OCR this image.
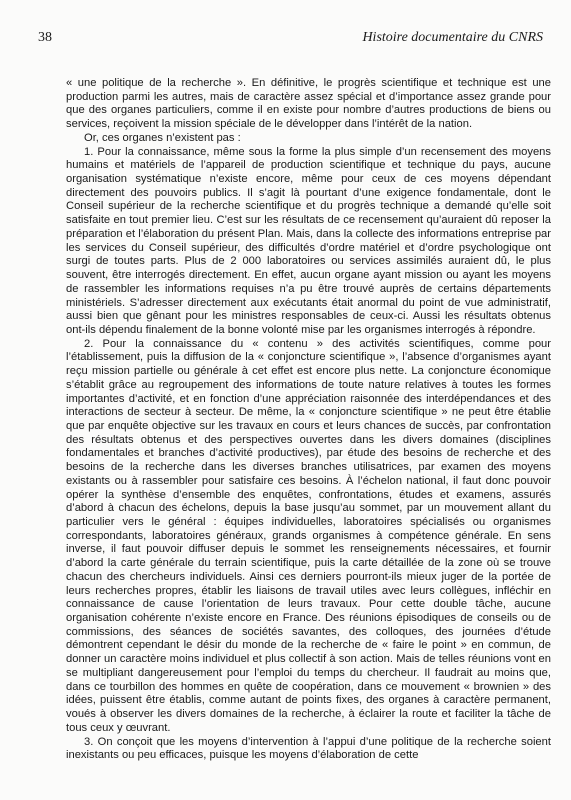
38	Histoire documentaire du CNRS

« une politique de la recherche ». En définitive, le progrès scientifique et technique est une production parmi les autres, mais de caractère assez spécial et d’importance assez grande pour que des organes particuliers, comme il en existe pour nombre d’autres productions de biens ou services, reçoivent la mission spéciale de le développer dans l’intérêt de la nation.

Or, ces organes n’existent pas :

1. Pour la connaissance, même sous la forme la plus simple d’un recensement des moyens humains et matériels de l’appareil de production scientifique et technique du pays, aucune organisation systématique n’existe encore, même pour ceux de ces moyens dépendant directement des pouvoirs publics. Il s’agit là pourtant d’une exigence fondamentale, dont le Conseil supérieur de la recherche scientifique et du progrès technique a demandé qu’elle soit satisfaite en tout premier lieu. C’est sur les résultats de ce recensement qu’auraient dû reposer la préparation et l’élaboration du présent Plan. Mais, dans la collecte des informations entreprise par les services du Conseil supérieur, des difficultés d’ordre matériel et d’ordre psychologique ont surgi de toutes parts. Plus de 2 000 laboratoires ou services assimilés auraient dû, le plus souvent, être interrogés directement. En effet, aucun organe ayant mission ou ayant les moyens de rassembler les informations requises n’a pu être trouvé auprès de certains départements ministériels. S’adresser directement aux exécutants était anormal du point de vue administratif, aussi bien que gênant pour les ministres responsables de ceux-ci. Aussi les résultats obtenus ont-ils dépendu finalement de la bonne volonté mise par les organismes interrogés à répondre.

2. Pour la connaissance du « contenu » des activités scientifiques, comme pour l’établissement, puis la diffusion de la « conjoncture scientifique », l’absence d’organismes ayant reçu mission partielle ou générale à cet effet est encore plus nette. La conjoncture économique s’établit grâce au regroupement des informations de toute nature relatives à toutes les formes importantes d’activité, et en fonction d’une appréciation raisonnée des interdépendances et des interactions de secteur à secteur. De même, la « conjoncture scientifique » ne peut être établie que par enquête objective sur les travaux en cours et leurs chances de succès, par confrontation des résultats obtenus et des perspectives ouvertes dans les divers domaines (disciplines fondamentales et branches d’activité productives), par étude des besoins de recherche et des besoins de la recherche dans les diverses branches utilisatrices, par examen des moyens existants ou à rassembler pour satisfaire ces besoins. À l’échelon national, il faut donc pouvoir opérer la synthèse d’ensemble des enquêtes, confrontations, études et examens, assurés d’abord à chacun des échelons, depuis la base jusqu’au sommet, par un mouvement allant du particulier vers le général : équipes individuelles, laboratoires spécialisés ou organismes correspondants, laboratoires généraux, grands organismes à compétence générale. En sens inverse, il faut pouvoir diffuser depuis le sommet les renseignements nécessaires, et fournir d’abord la carte générale du terrain scientifique, puis la carte détaillée de la zone où se trouve chacun des chercheurs individuels. Ainsi ces derniers pourront-ils mieux juger de la portée de leurs recherches propres, établir les liaisons de travail utiles avec leurs collègues, infléchir en connaissance de cause l’orientation de leurs travaux. Pour cette double tâche, aucune organisation cohérente n’existe encore en France. Des réunions épisodiques de conseils ou de commissions, des séances de sociétés savantes, des colloques, des journées d’étude démontrent cependant le désir du monde de la recherche de « faire le point » en commun, de donner un caractère moins individuel et plus collectif à son action. Mais de telles réunions vont en se multipliant dangereusement pour l’emploi du temps du chercheur. Il faudrait au moins que, dans ce tourbillon des hommes en quête de coopération, dans ce mouvement « brownien » des idées, puissent être établis, comme autant de points fixes, des organes à caractère permanent, voués à observer les divers domaines de la recherche, à éclairer la route et faciliter la tâche de tous ceux y œuvrant.

3. On conçoit que les moyens d’intervention à l’appui d’une politique de la recherche soient inexistants ou peu efficaces, puisque les moyens d’élaboration de cette
